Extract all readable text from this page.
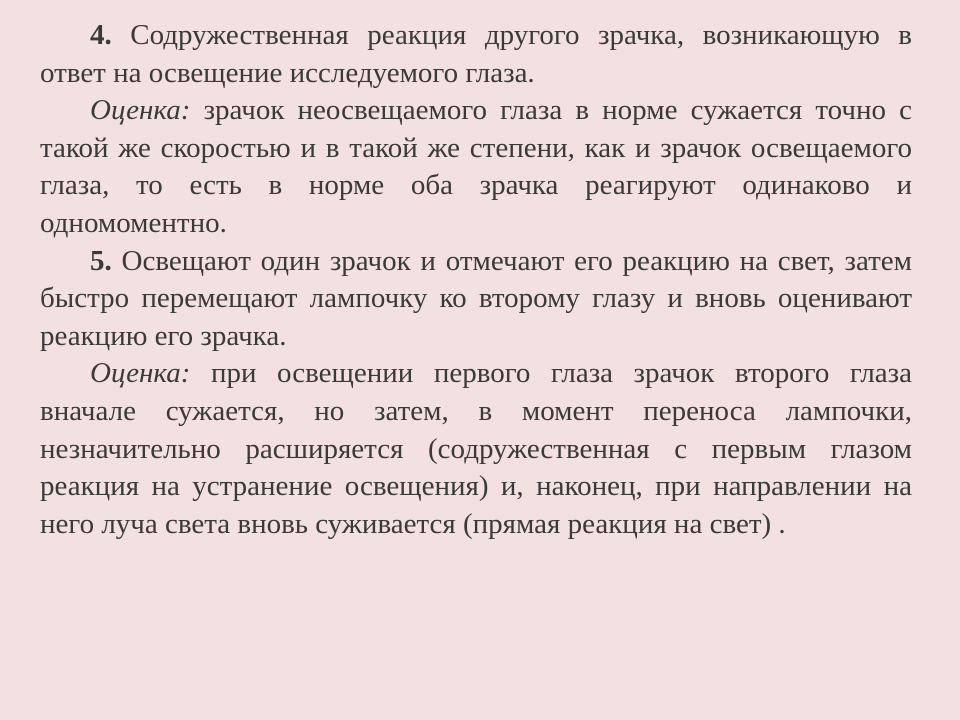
4. Содружественная реакция другого зрачка, возникающую в ответ на освещение исследуемого глаза.

Оценка: зрачок неосвещаемого глаза в норме сужается точно с такой же скоростью и в такой же степени, как и зрачок освещаемого глаза, то есть в норме оба зрачка реагируют одинаково и одномоментно.

5. Освещают один зрачок и отмечают его реакцию на свет, затем быстро перемещают лампочку ко второму глазу и вновь оценивают реакцию его зрачка.

Оценка: при освещении первого глаза зрачок второго глаза вначале сужается, но затем, в момент переноса лампочки, незначительно расширяется (содружественная с первым глазом реакция на устранение освещения) и, наконец, при направлении на него луча света вновь суживается (прямая реакция на свет) .
